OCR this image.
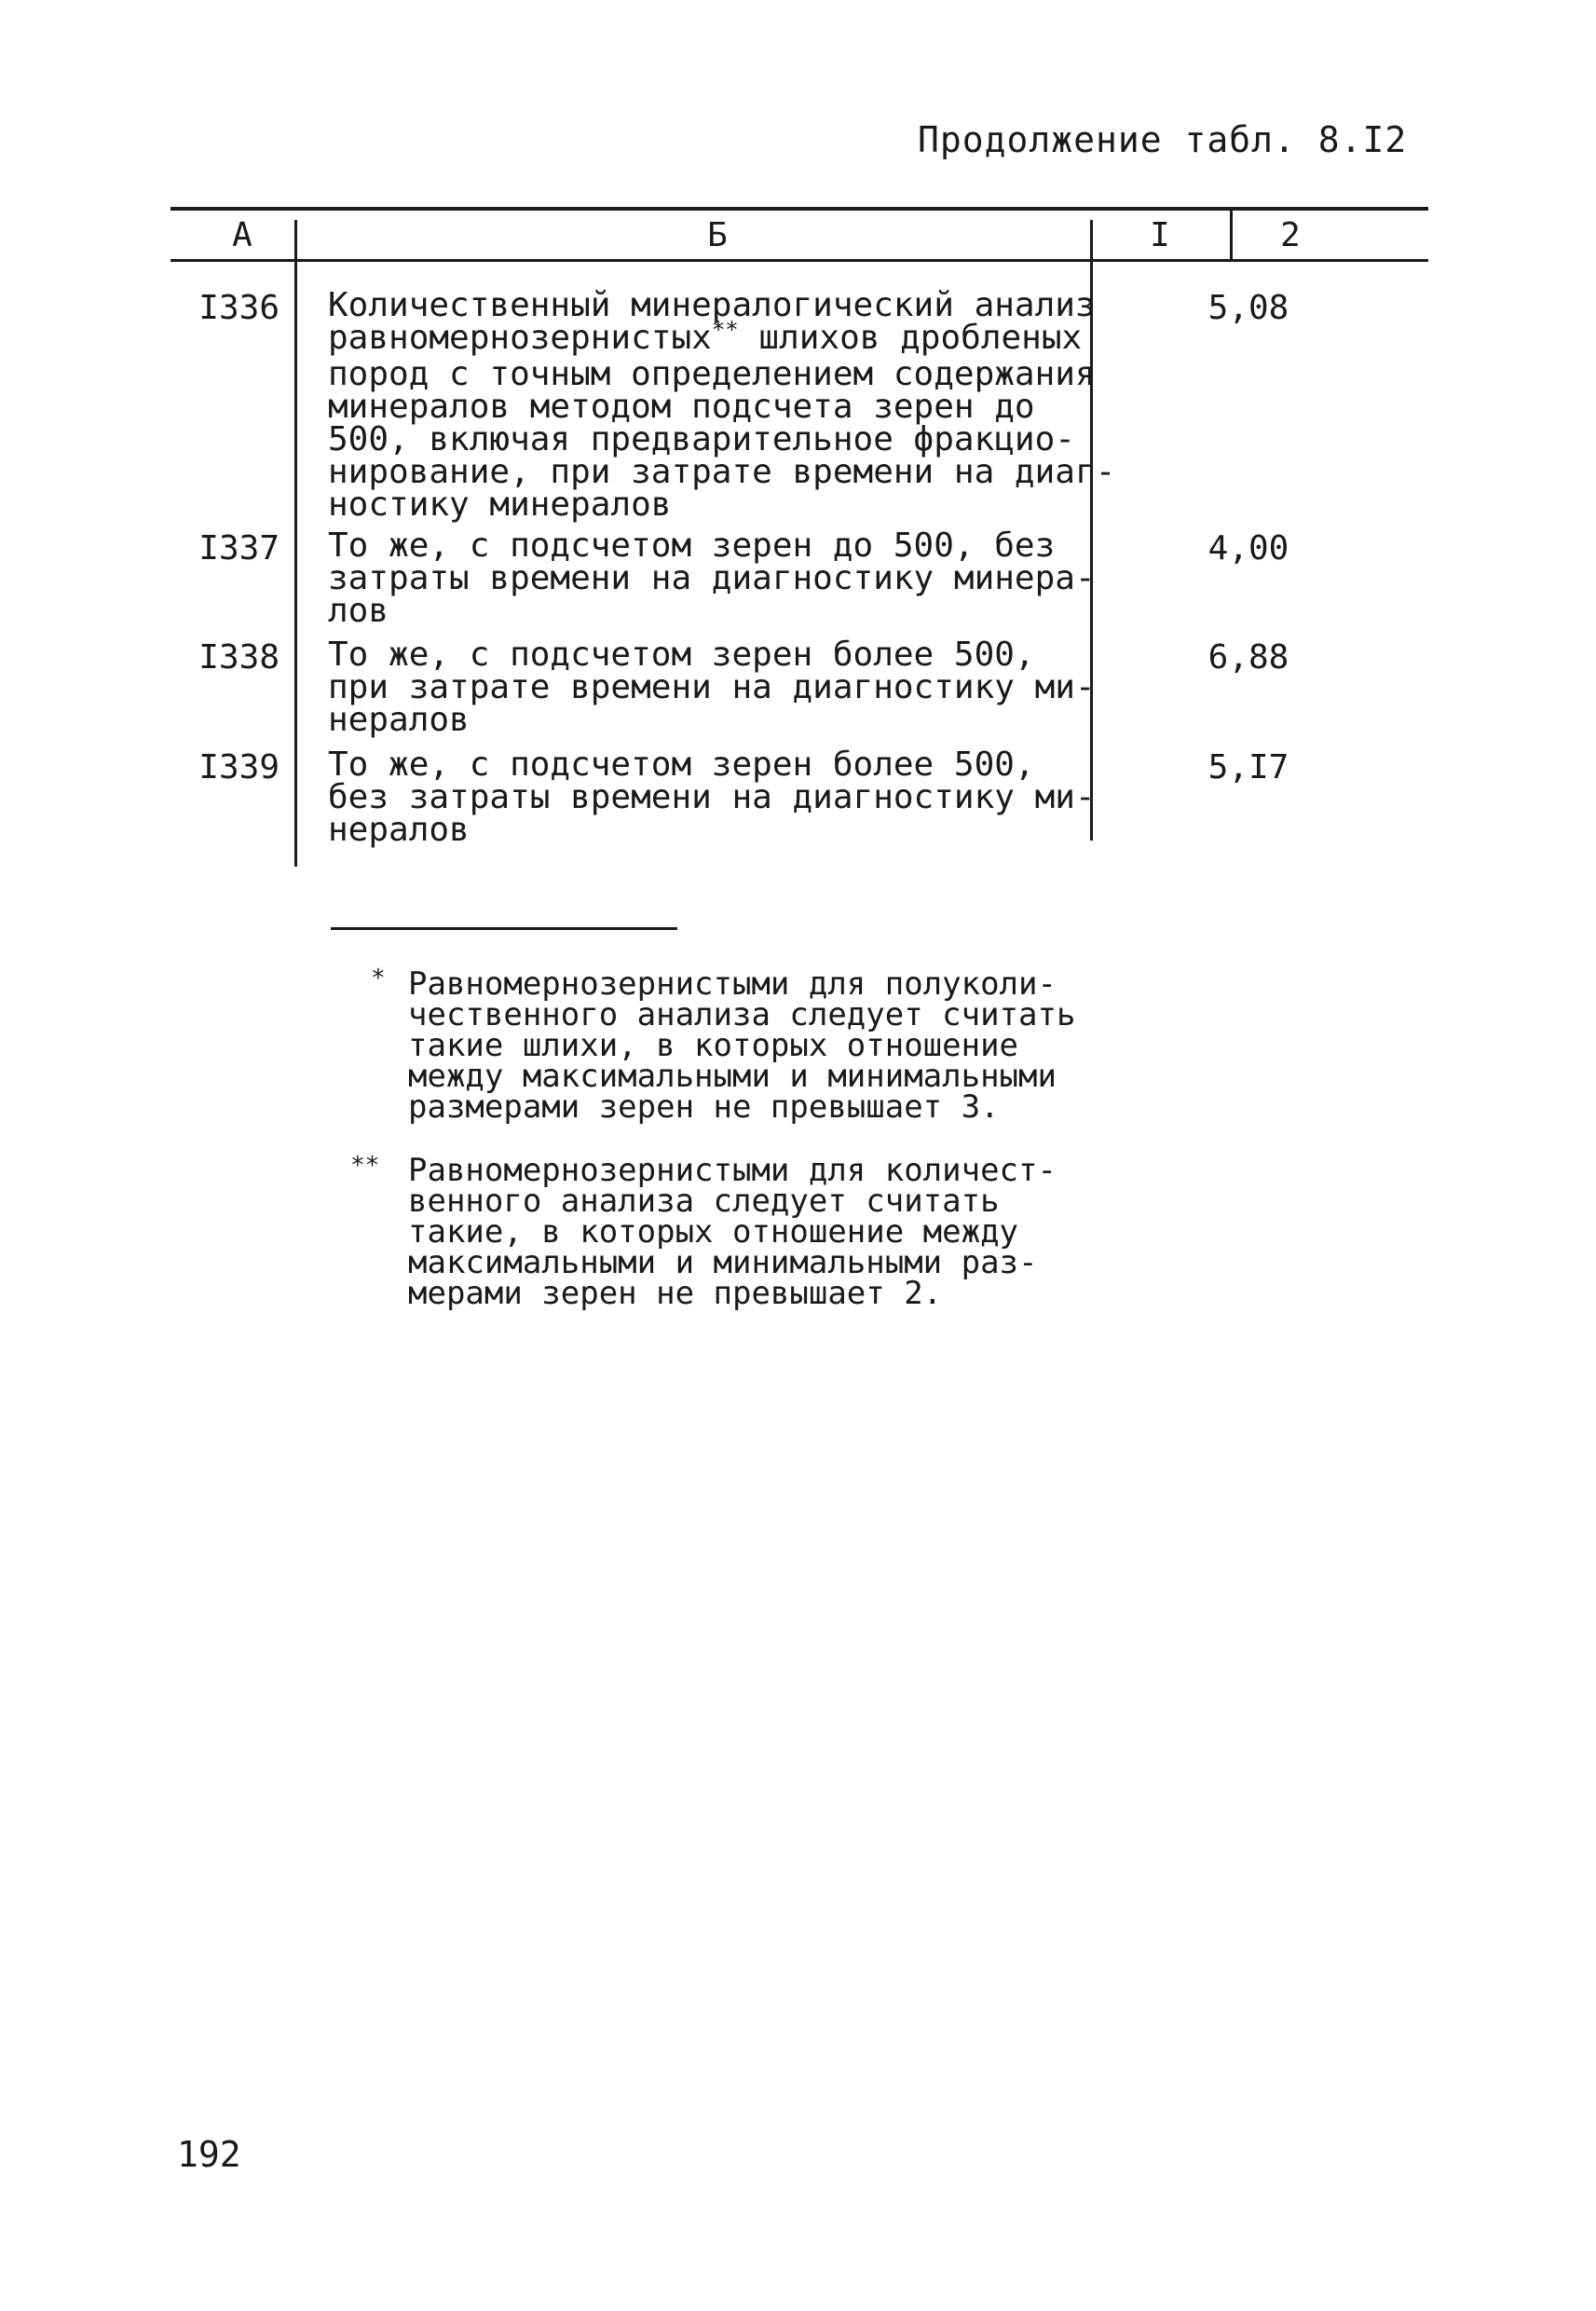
Продолжение табл. 8.I2
А	Б	I	2
I336 Количественный минералогический анализ
равномернозернистых** шлихов дробленых
пород с точным определением содержания
минералов методом подсчета зерен до
500, включая предварительное фракцио-
нирование, при затрате времени на диаг-
ностику минералов
5,08
I337 То же, с подсчетом зерен до 500, без
затраты времени на диагностику минера-
лов
4,00
I338 То же, с подсчетом зерен более 500,
при затрате времени на диагностику ми-
нералов
6,88
I339 То же, с подсчетом зерен более 500,
без затраты времени на диагностику ми-
нералов
5,I7
* Равномернозернистыми для полуколи-
чественного анализа следует считать
такие шлихи, в которых отношение
между максимальными и минимальными
размерами зерен не превышает 3.
** Равномернозернистыми для количест-
венного анализа следует считать
такие, в которых отношение между
максимальными и минимальными раз-
мерами зерен не превышает 2.
192
